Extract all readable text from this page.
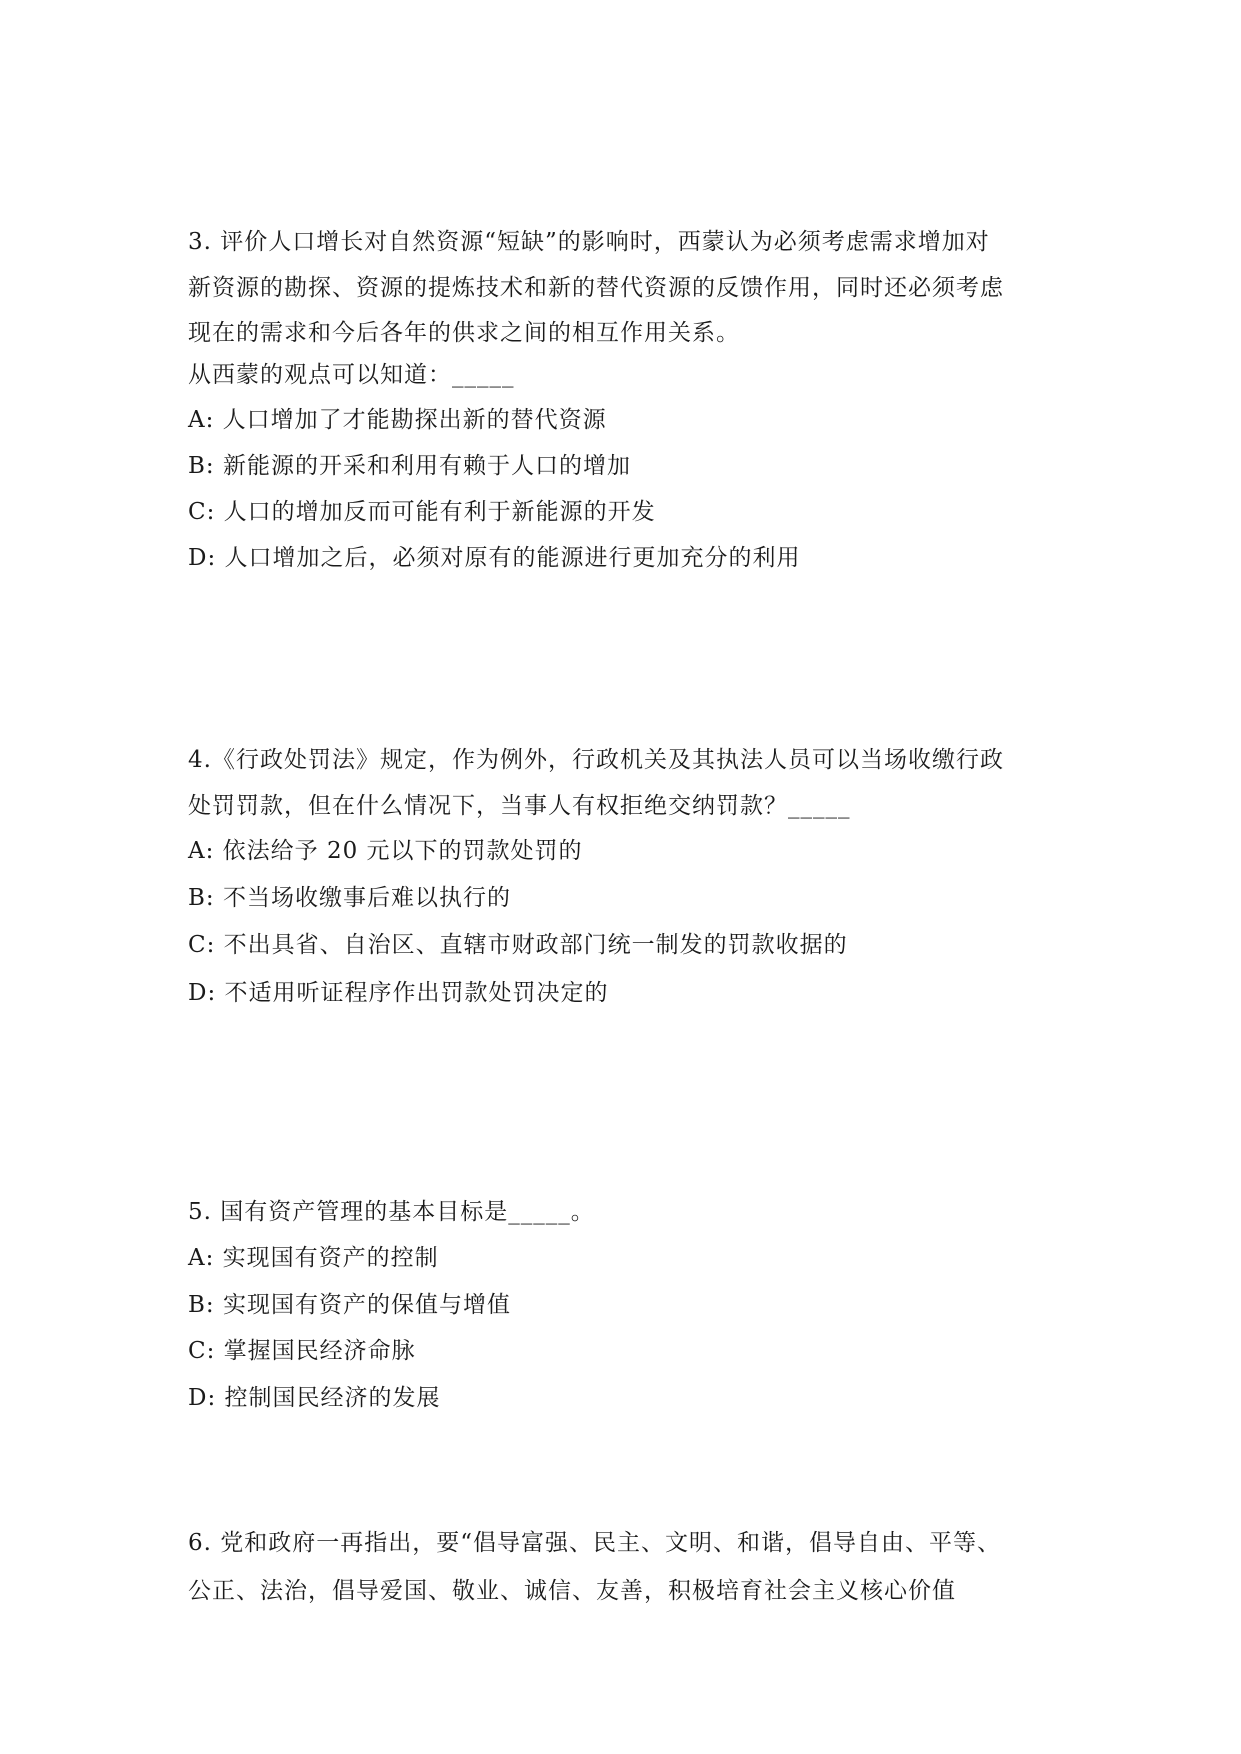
3. 评价人口增长对自然资源“短缺”的影响时，西蒙认为必须考虑需求增加对
新资源的勘探、资源的提炼技术和新的替代资源的反馈作用，同时还必须考虑
现在的需求和今后各年的供求之间的相互作用关系。
从西蒙的观点可以知道：_____
A: 人口增加了才能勘探出新的替代资源
B: 新能源的开采和利用有赖于人口的增加
C: 人口的增加反而可能有利于新能源的开发
D: 人口增加之后，必须对原有的能源进行更加充分的利用
4.《行政处罚法》规定，作为例外，行政机关及其执法人员可以当场收缴行政
处罚罚款，但在什么情况下，当事人有权拒绝交纳罚款？_____
A: 依法给予 20 元以下的罚款处罚的
B: 不当场收缴事后难以执行的
C: 不出具省、自治区、直辖市财政部门统一制发的罚款收据的
D: 不适用听证程序作出罚款处罚决定的
5. 国有资产管理的基本目标是_____。
A: 实现国有资产的控制
B: 实现国有资产的保值与增值
C: 掌握国民经济命脉
D: 控制国民经济的发展
6. 党和政府一再指出，要“倡导富强、民主、文明、和谐，倡导自由、平等、
公正、法治，倡导爱国、敬业、诚信、友善，积极培育社会主义核心价值
